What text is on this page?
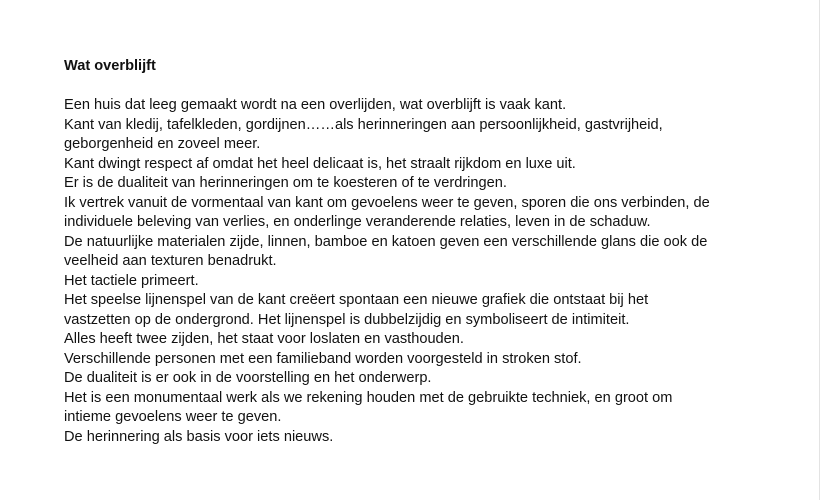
Wat overblijft

Een huis dat leeg gemaakt wordt na een overlijden, wat overblijft is vaak kant.

Kant van kledij, tafelkleden, gordijnen……als herinneringen aan persoonlijkheid, gastvrijheid,

geborgenheid en zoveel meer.

Kant dwingt respect af omdat het heel delicaat is, het straalt rijkdom en luxe uit.

Er is de dualiteit van herinneringen om te koesteren of te verdringen.

Ik vertrek vanuit de vormentaal van kant om gevoelens weer te geven, sporen die ons verbinden, de

individuele beleving van verlies, en onderlinge veranderende relaties, leven in de schaduw.

De natuurlijke materialen zijde, linnen, bamboe en katoen geven een verschillende glans die ook de

veelheid aan texturen benadrukt.

Het tactiele primeert.

Het speelse lijnenspel van de kant creëert spontaan een nieuwe grafiek die ontstaat bij het

vastzetten op de ondergrond. Het lijnenspel is dubbelzijdig en symboliseert de intimiteit.

Alles heeft twee zijden, het staat voor loslaten en vasthouden.

Verschillende personen met een familieband worden voorgesteld in stroken stof.

De dualiteit is er ook in de voorstelling en het onderwerp.

Het is een monumentaal werk als we rekening houden met de gebruikte techniek, en groot om

intieme gevoelens weer te geven.

De herinnering als basis voor iets nieuws.
